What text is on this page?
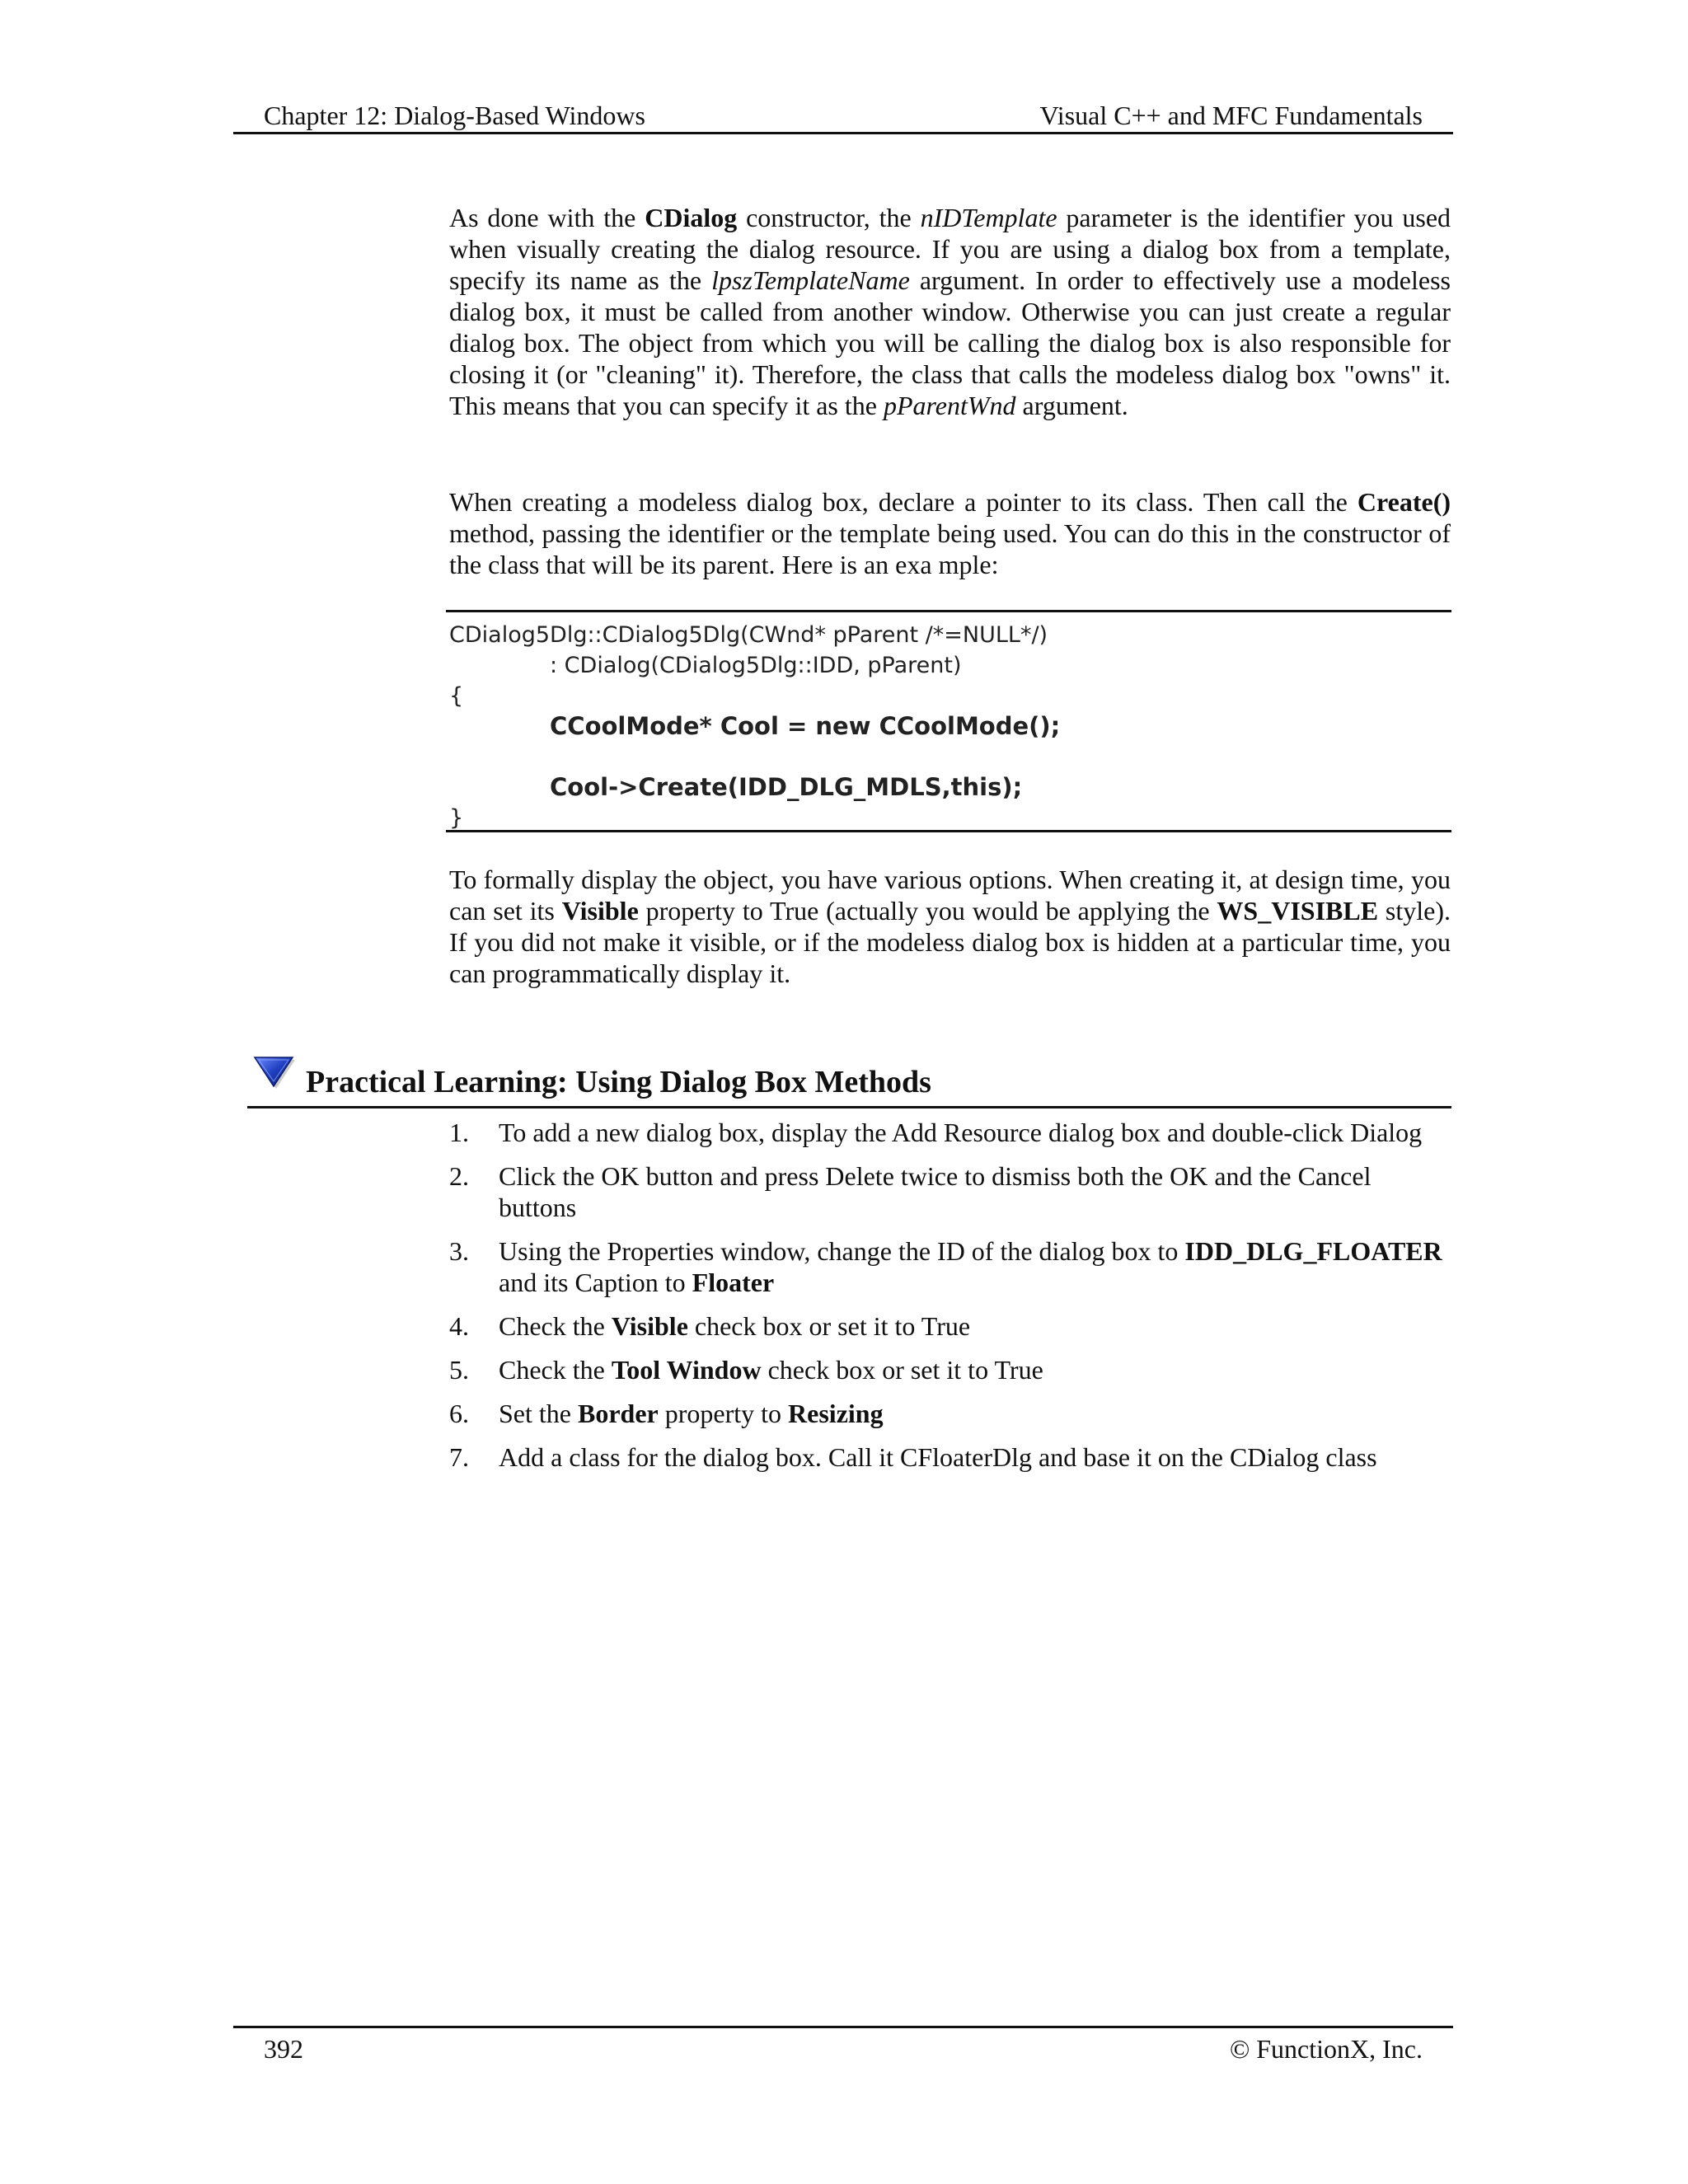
Chapter 12: Dialog-Based Windows	Visual C++ and MFC Fundamentals

As done with the CDialog constructor, the nIDTemplate parameter is the identifier you used when visually creating the dialog resource. If you are using a dialog box from a template, specify its name as the lpszTemplateName argument. In order to effectively use a modeless dialog box, it must be called from another window. Otherwise you can just create a regular dialog box. The object from which you will be calling the dialog box is also responsible for closing it (or "cleaning" it). Therefore, the class that calls the modeless dialog box "owns" it. This means that you can specify it as the pParentWnd argument.

When creating a modeless dialog box, declare a pointer to its class. Then call the Create() method, passing the identifier or the template being used. You can do this in the constructor of the class that will be its parent. Here is an exa mple:

CDialog5Dlg::CDialog5Dlg(CWnd* pParent /*=NULL*/)
: CDialog(CDialog5Dlg::IDD, pParent)
{
CCoolMode* Cool = new CCoolMode();
Cool->Create(IDD_DLG_MDLS,this);
}

To formally display the object, you have various options. When creating it, at design time, you can set its Visible property to True (actually you would be applying the WS_VISIBLE style). If you did not make it visible, or if the modeless dialog box is hidden at a particular time, you can programmatically display it.

Practical Learning: Using Dialog Box Methods
1.	To add a new dialog box, display the Add Resource dialog box and double-click Dialog
2.	Click the OK button and press Delete twice to dismiss both the OK and the Cancel buttons
3.	Using the Properties window, change the ID of the dialog box to IDD_DLG_FLOATER and its Caption to Floater
4.	Check the Visible check box or set it to True
5.	Check the Tool Window check box or set it to True
6.	Set the Border property to Resizing
7.	Add a class for the dialog box. Call it CFloaterDlg and base it on the CDialog class
392	© FunctionX, Inc.
